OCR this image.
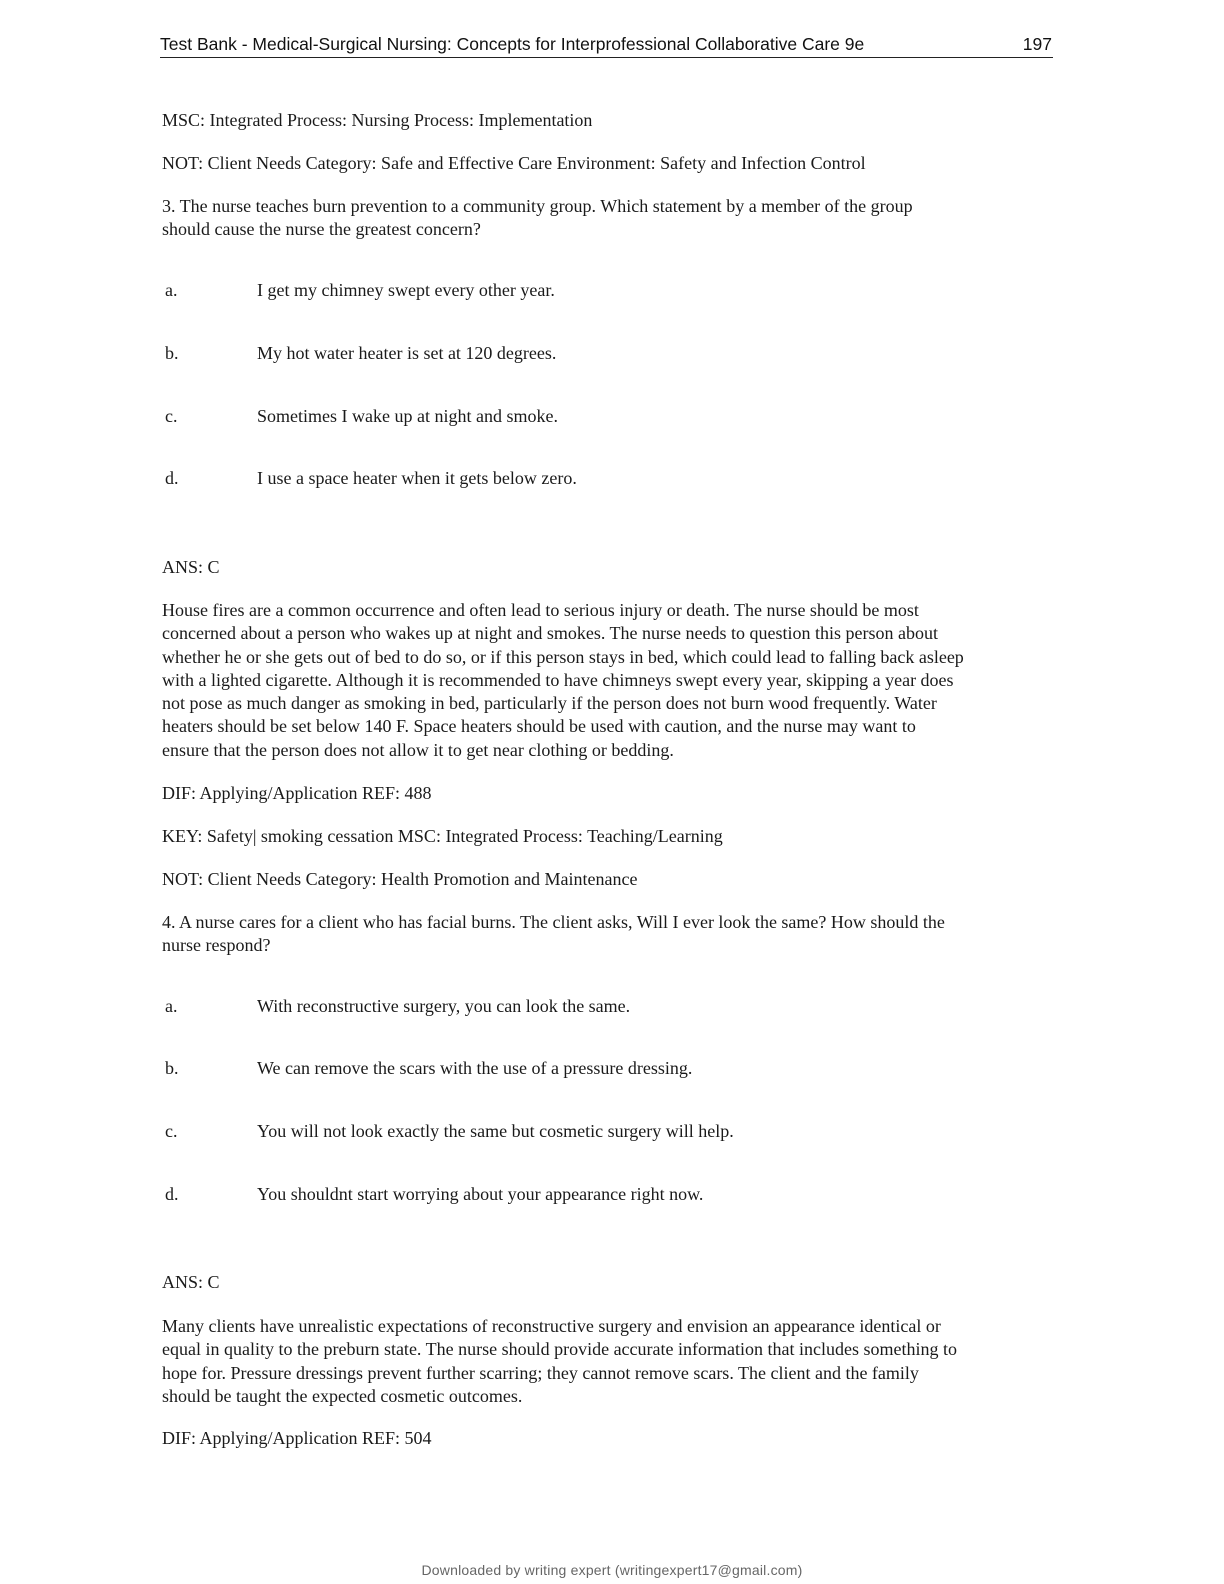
Test Bank - Medical-Surgical Nursing: Concepts for Interprofessional Collaborative Care 9e	197
MSC: Integrated Process: Nursing Process: Implementation
NOT: Client Needs Category: Safe and Effective Care Environment: Safety and Infection Control
3. The nurse teaches burn prevention to a community group. Which statement by a member of the group
should cause the nurse the greatest concern?
a.	I get my chimney swept every other year.
b.	My hot water heater is set at 120 degrees.
c.	Sometimes I wake up at night and smoke.
d.	I use a space heater when it gets below zero.
ANS: C
House fires are a common occurrence and often lead to serious injury or death. The nurse should be most
concerned about a person who wakes up at night and smokes. The nurse needs to question this person about
whether he or she gets out of bed to do so, or if this person stays in bed, which could lead to falling back asleep
with a lighted cigarette. Although it is recommended to have chimneys swept every year, skipping a year does
not pose as much danger as smoking in bed, particularly if the person does not burn wood frequently. Water
heaters should be set below 140 F. Space heaters should be used with caution, and the nurse may want to
ensure that the person does not allow it to get near clothing or bedding.
DIF: Applying/Application REF: 488
KEY: Safety| smoking cessation MSC: Integrated Process: Teaching/Learning
NOT: Client Needs Category: Health Promotion and Maintenance
4. A nurse cares for a client who has facial burns. The client asks, Will I ever look the same? How should the
nurse respond?
a.	With reconstructive surgery, you can look the same.
b.	We can remove the scars with the use of a pressure dressing.
c.	You will not look exactly the same but cosmetic surgery will help.
d.	You shouldnt start worrying about your appearance right now.
ANS: C
Many clients have unrealistic expectations of reconstructive surgery and envision an appearance identical or
equal in quality to the preburn state. The nurse should provide accurate information that includes something to
hope for. Pressure dressings prevent further scarring; they cannot remove scars. The client and the family
should be taught the expected cosmetic outcomes.
DIF: Applying/Application REF: 504
Downloaded by writing expert (writingexpert17@gmail.com)
